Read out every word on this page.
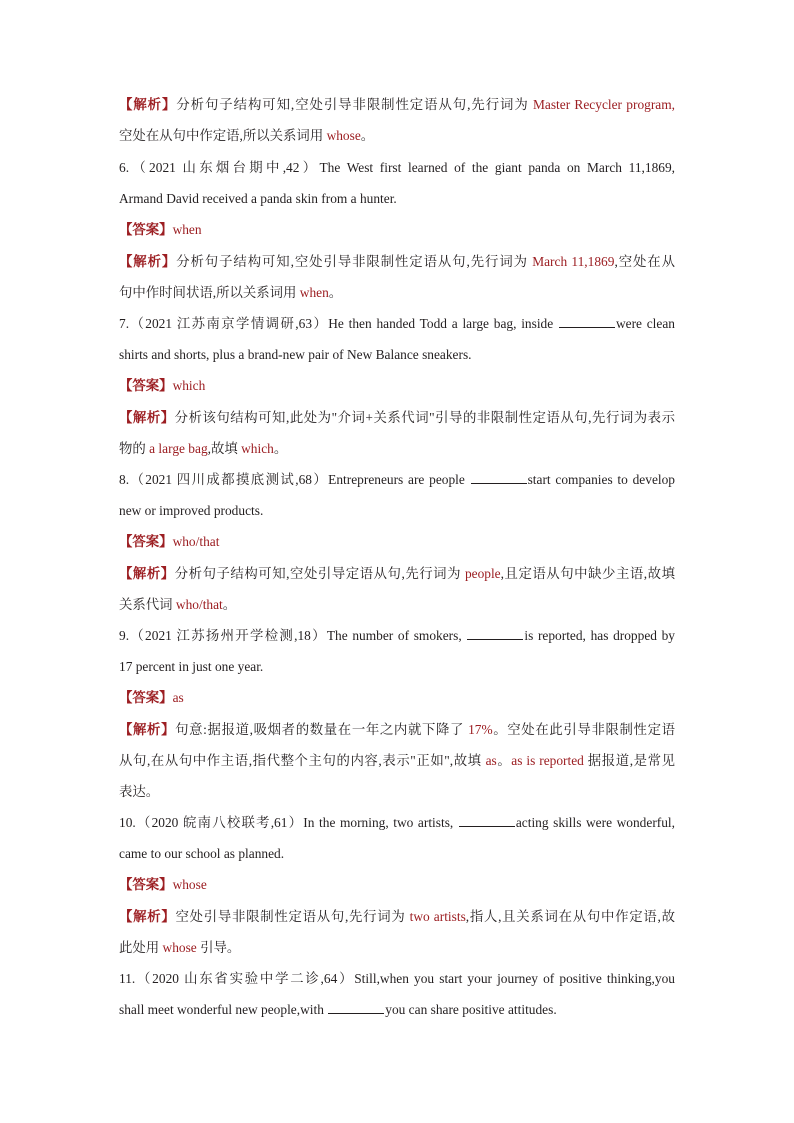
【解析】分析句子结构可知,空处引导非限制性定语从句,先行词为 Master Recycler program,
空处在从句中作定语,所以关系词用 whose。
6.（2021 山东烟台期中,42）The West first learned of the giant panda on March 11,1869,
Armand David received a panda skin from a hunter.
【答案】when
【解析】分析句子结构可知,空处引导非限制性定语从句,先行词为 March 11,1869,空处在从
句中作时间状语,所以关系词用 when。
7.（2021 江苏南京学情调研,63）He then handed Todd a large bag, inside	were clean
shirts and shorts, plus a brand-new pair of New Balance sneakers.
【答案】which
【解析】分析该句结构可知,此处为"介词+关系代词"引导的非限制性定语从句,先行词为表示
物的 a large bag,故填 which。
8.（2021 四川成都摸底测试,68）Entrepreneurs are people	start companies to develop
new or improved products.
【答案】who/that
【解析】分析句子结构可知,空处引导定语从句,先行词为 people,且定语从句中缺少主语,故填
关系代词 who/that。
9.（2021 江苏扬州开学检测,18）The number of smokers,	is reported, has dropped by
17 percent in just one year.
【答案】as
【解析】句意:据报道,吸烟者的数量在一年之内就下降了 17%。空处在此引导非限制性定语
从句,在从句中作主语,指代整个主句的内容,表示"正如",故填 as。as is reported 据报道,是常见
表达。
10.（2020 皖南八校联考,61）In the morning, two artists,	acting skills were wonderful,
came to our school as planned.
【答案】whose
【解析】空处引导非限制性定语从句,先行词为 two artists,指人,且关系词在从句中作定语,故
此处用 whose 引导。
11.（2020 山东省实验中学二诊,64）Still,when you start your journey of positive thinking,you
shall meet wonderful new people,with	you can share positive attitudes.
